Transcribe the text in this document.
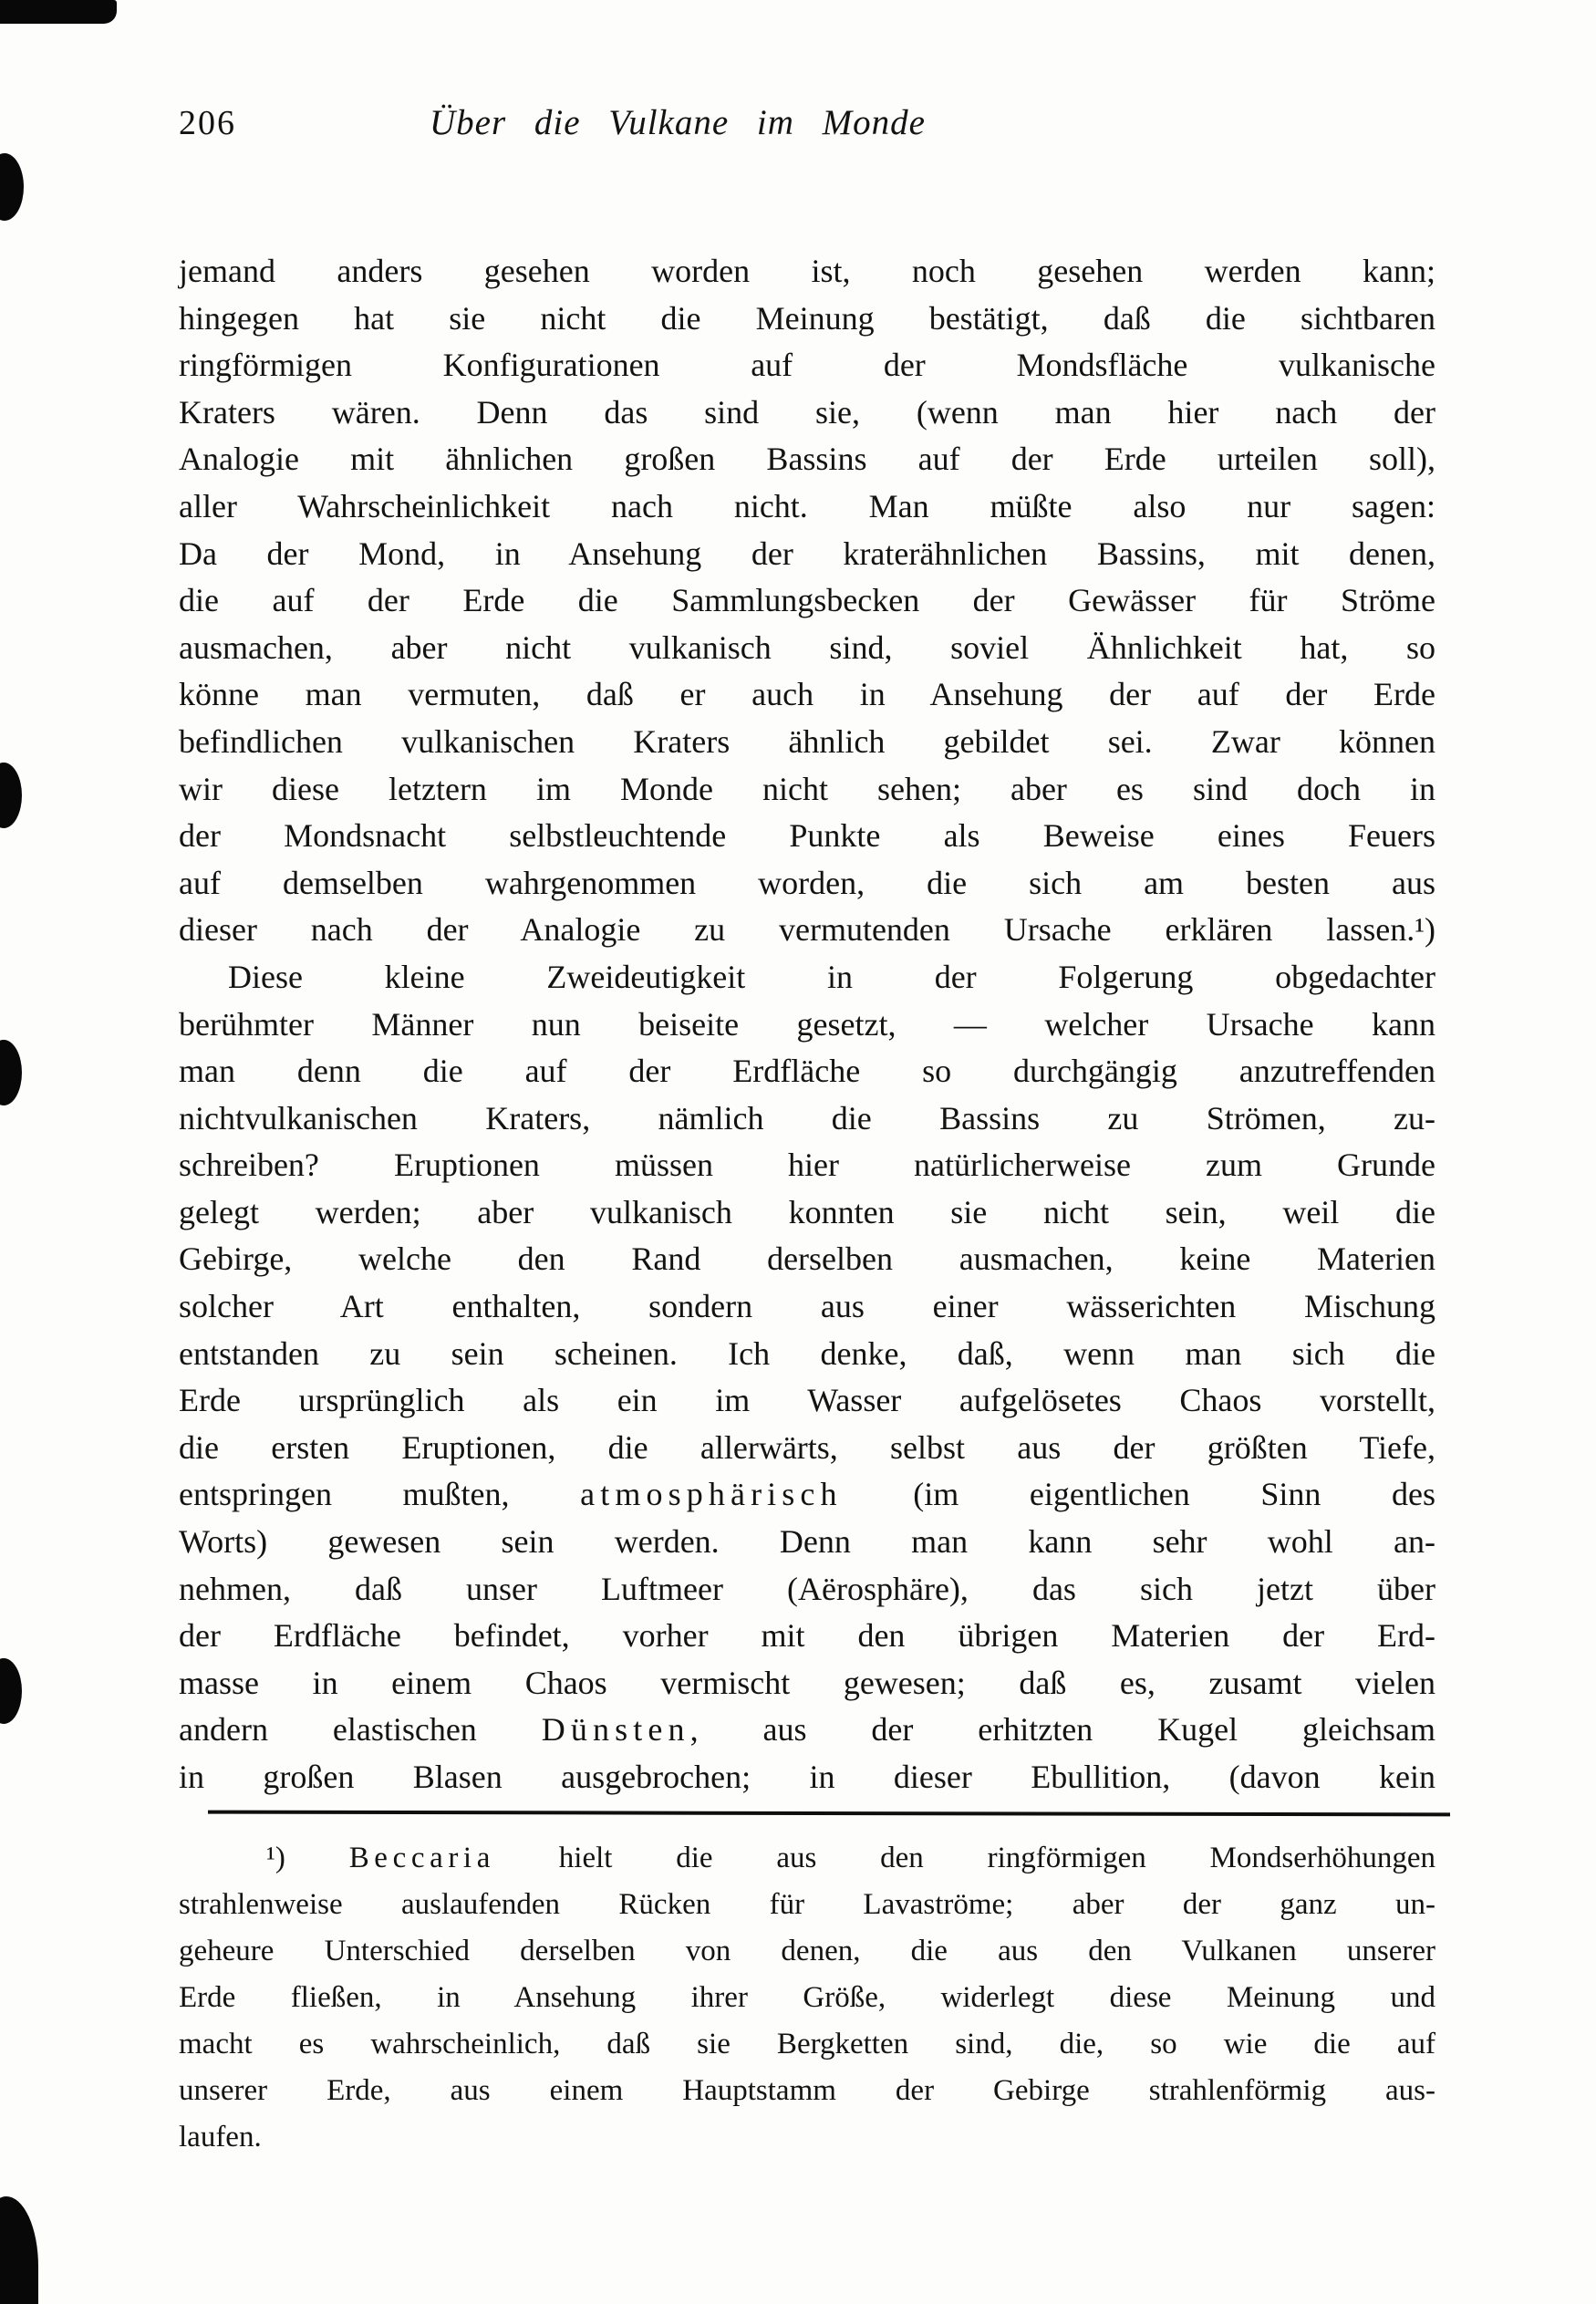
206	Über die Vulkane im Monde
jemand anders gesehen worden ist, noch gesehen werden kann;
hingegen hat sie nicht die Meinung bestätigt, daß die sichtbaren
ringförmigen Konfigurationen auf der Mondsfläche vulkanische
Kraters wären. Denn das sind sie, (wenn man hier nach der
Analogie mit ähnlichen großen Bassins auf der Erde urteilen soll),
aller Wahrscheinlichkeit nach nicht. Man müßte also nur sagen:
Da der Mond, in Ansehung der kraterähnlichen Bassins, mit denen,
die auf der Erde die Sammlungsbecken der Gewässer für Ströme
ausmachen, aber nicht vulkanisch sind, soviel Ähnlichkeit hat, so
könne man vermuten, daß er auch in Ansehung der auf der Erde
befindlichen vulkanischen Kraters ähnlich gebildet sei. Zwar können
wir diese letztern im Monde nicht sehen; aber es sind doch in
der Mondsnacht selbstleuchtende Punkte als Beweise eines Feuers
auf demselben wahrgenommen worden, die sich am besten aus
dieser nach der Analogie zu vermutenden Ursache erklären lassen.¹)
Diese kleine Zweideutigkeit in der Folgerung obgedachter
berühmter Männer nun beiseite gesetzt, — welcher Ursache kann
man denn die auf der Erdfläche so durchgängig anzutreffenden
nichtvulkanischen Kraters, nämlich die Bassins zu Strömen, zu-
schreiben? Eruptionen müssen hier natürlicherweise zum Grunde
gelegt werden; aber vulkanisch konnten sie nicht sein, weil die
Gebirge, welche den Rand derselben ausmachen, keine Materien
solcher Art enthalten, sondern aus einer wässerichten Mischung
entstanden zu sein scheinen. Ich denke, daß, wenn man sich die
Erde ursprünglich als ein im Wasser aufgelösetes Chaos vorstellt,
die ersten Eruptionen, die allerwärts, selbst aus der größten Tiefe,
entspringen mußten, atmosphärisch (im eigentlichen Sinn des
Worts) gewesen sein werden. Denn man kann sehr wohl an-
nehmen, daß unser Luftmeer (Aërosphäre), das sich jetzt über
der Erdfläche befindet, vorher mit den übrigen Materien der Erd-
masse in einem Chaos vermischt gewesen; daß es, zusamt vielen
andern elastischen Dünsten, aus der erhitzten Kugel gleichsam
in großen Blasen ausgebrochen; in dieser Ebullition, (davon kein
¹) Beccaria hielt die aus den ringförmigen Mondserhöhungen
strahlenweise auslaufenden Rücken für Lavaströme; aber der ganz un-
geheure Unterschied derselben von denen, die aus den Vulkanen unserer
Erde fließen, in Ansehung ihrer Größe, widerlegt diese Meinung und
macht es wahrscheinlich, daß sie Bergketten sind, die, so wie die auf
unserer Erde, aus einem Hauptstamm der Gebirge strahlenförmig aus-
laufen.
